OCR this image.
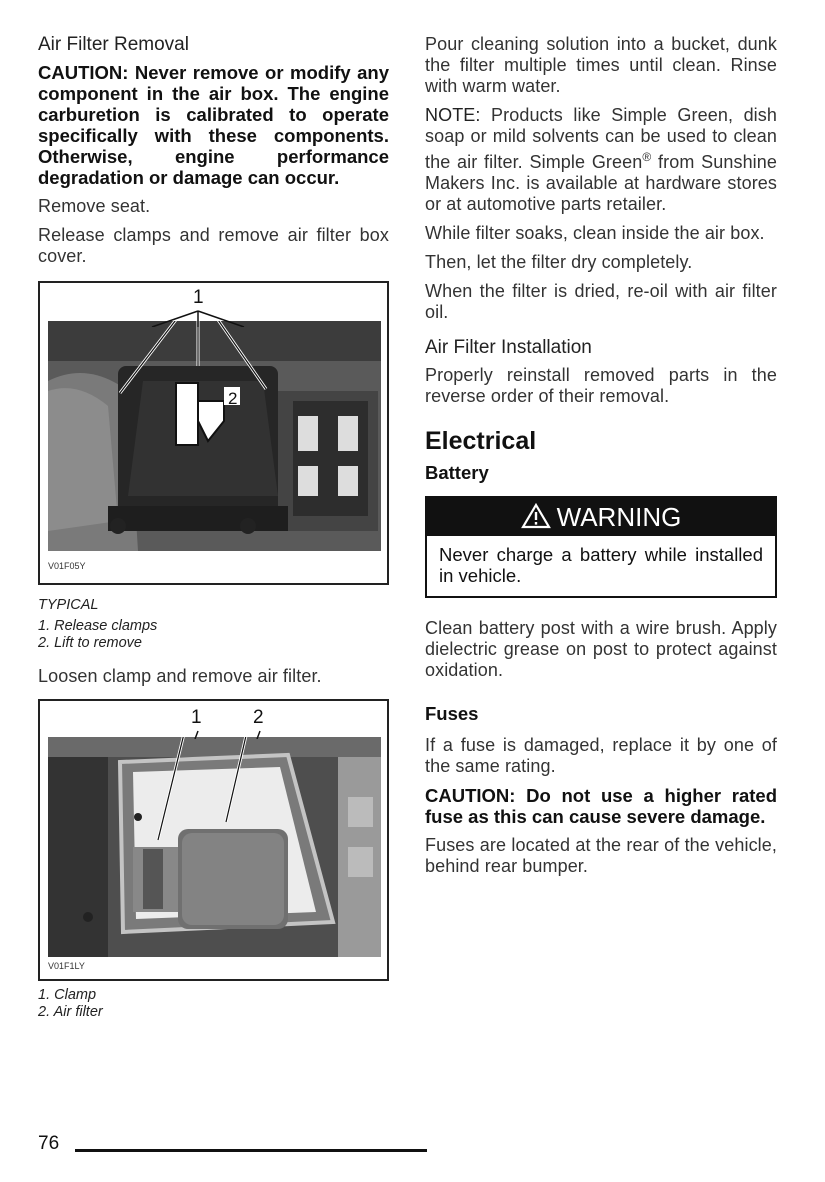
Air Filter Removal

CAUTION: Never remove or modify any component in the air box. The engine carburetion is calibrated to operate specifically with these components. Otherwise, engine performance degradation or damage can occur.

Remove seat.

Release clamps and remove air filter box cover.

1
2
V01F05Y
TYPICAL
1. Release clamps
2. Lift to remove

Loosen clamp and remove air filter.

1	2
V01F1LY
1. Clamp
2. Air filter

Pour cleaning solution into a bucket, dunk the filter multiple times until clean. Rinse with warm water.

NOTE: Products like Simple Green, dish soap or mild solvents can be used to clean the air filter. Simple Green® from Sunshine Makers Inc. is available at hardware stores or at automotive parts retailer.

While filter soaks, clean inside the air box.

Then, let the filter dry completely.

When the filter is dried, re-oil with air filter oil.

Air Filter Installation

Properly reinstall removed parts in the reverse order of their removal.

Electrical
Battery
WARNING
Never charge a battery while installed in vehicle.

Clean battery post with a wire brush. Apply dielectric grease on post to protect against oxidation.

Fuses

If a fuse is damaged, replace it by one of the same rating.

CAUTION: Do not use a higher rated fuse as this can cause severe damage.

Fuses are located at the rear of the vehicle, behind rear bumper.

76
